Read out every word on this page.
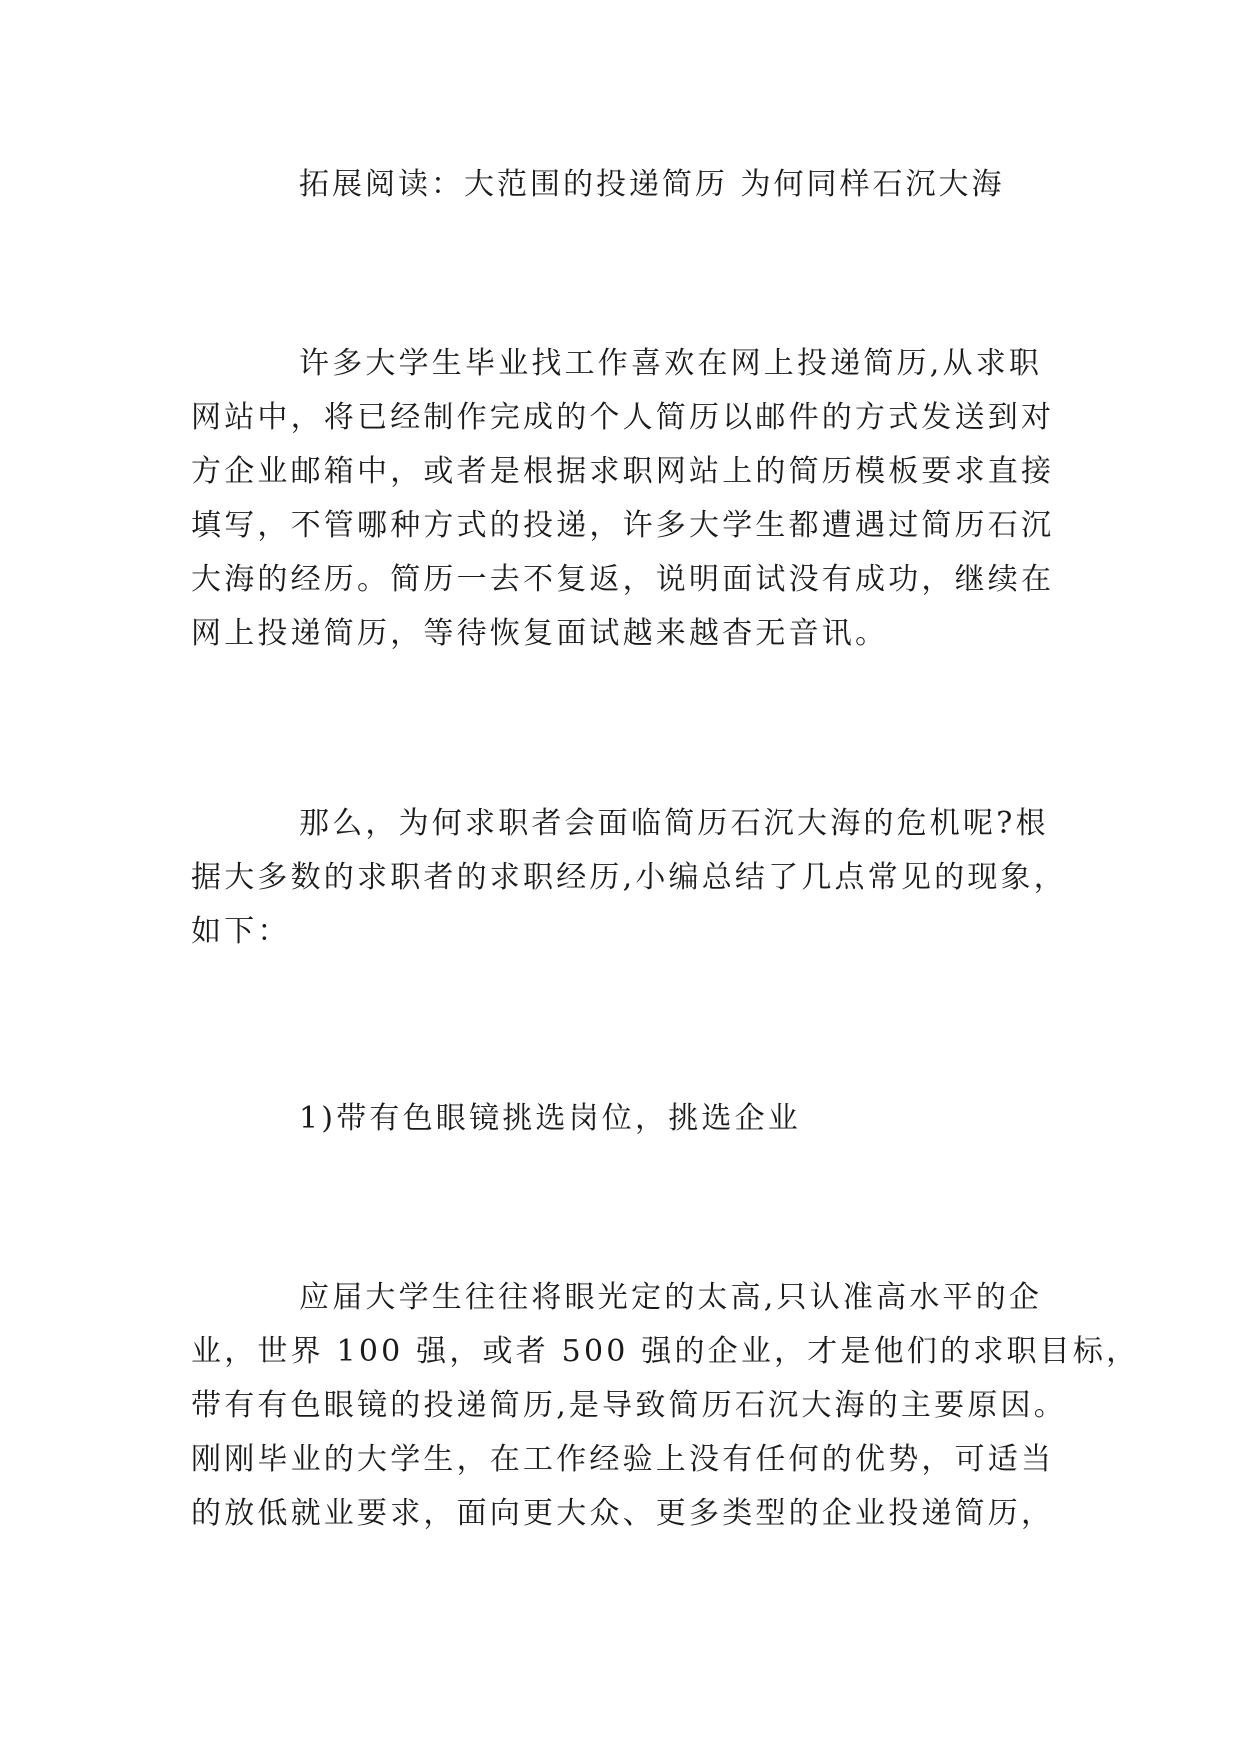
拓展阅读：大范围的投递简历 为何同样石沉大海
许多大学生毕业找工作喜欢在网上投递简历,从求职
网站中，将已经制作完成的个人简历以邮件的方式发送到对
方企业邮箱中，或者是根据求职网站上的简历模板要求直接
填写，不管哪种方式的投递，许多大学生都遭遇过简历石沉
大海的经历。简历一去不复返，说明面试没有成功，继续在
网上投递简历，等待恢复面试越来越杳无音讯。
那么，为何求职者会面临简历石沉大海的危机呢?根
据大多数的求职者的求职经历,小编总结了几点常见的现象，
如下：
1)带有色眼镜挑选岗位，挑选企业
应届大学生往往将眼光定的太高,只认准高水平的企
业，世界 100 强，或者 500 强的企业，才是他们的求职目标，
带有有色眼镜的投递简历,是导致简历石沉大海的主要原因。
刚刚毕业的大学生，在工作经验上没有任何的优势，可适当
的放低就业要求，面向更大众、更多类型的企业投递简历，
